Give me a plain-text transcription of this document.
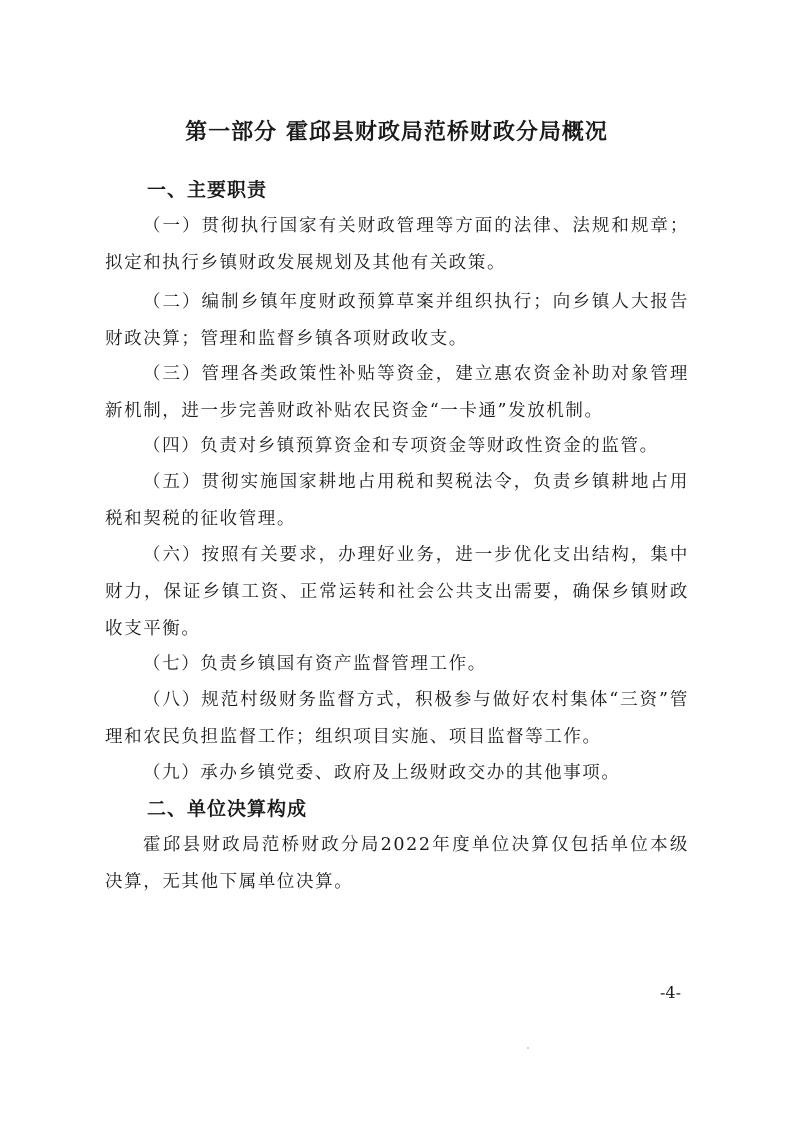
第一部分 霍邱县财政局范桥财政分局概况
一、主要职责
（一）贯彻执行国家有关财政管理等方面的法律、法规和规章；拟定和执行乡镇财政发展规划及其他有关政策。
（二）编制乡镇年度财政预算草案并组织执行；向乡镇人大报告财政决算；管理和监督乡镇各项财政收支。
（三）管理各类政策性补贴等资金，建立惠农资金补助对象管理新机制，进一步完善财政补贴农民资金“一卡通”发放机制。
（四）负责对乡镇预算资金和专项资金等财政性资金的监管。
（五）贯彻实施国家耕地占用税和契税法令，负责乡镇耕地占用税和契税的征收管理。
（六）按照有关要求，办理好业务，进一步优化支出结构，集中财力，保证乡镇工资、正常运转和社会公共支出需要，确保乡镇财政收支平衡。
（七）负责乡镇国有资产监督管理工作。
（八）规范村级财务监督方式，积极参与做好农村集体“三资”管理和农民负担监督工作；组织项目实施、项目监督等工作。
（九）承办乡镇党委、政府及上级财政交办的其他事项。
二、单位决算构成
霍邱县财政局范桥财政分局2022年度单位决算仅包括单位本级决算，无其他下属单位决算。
-4-
